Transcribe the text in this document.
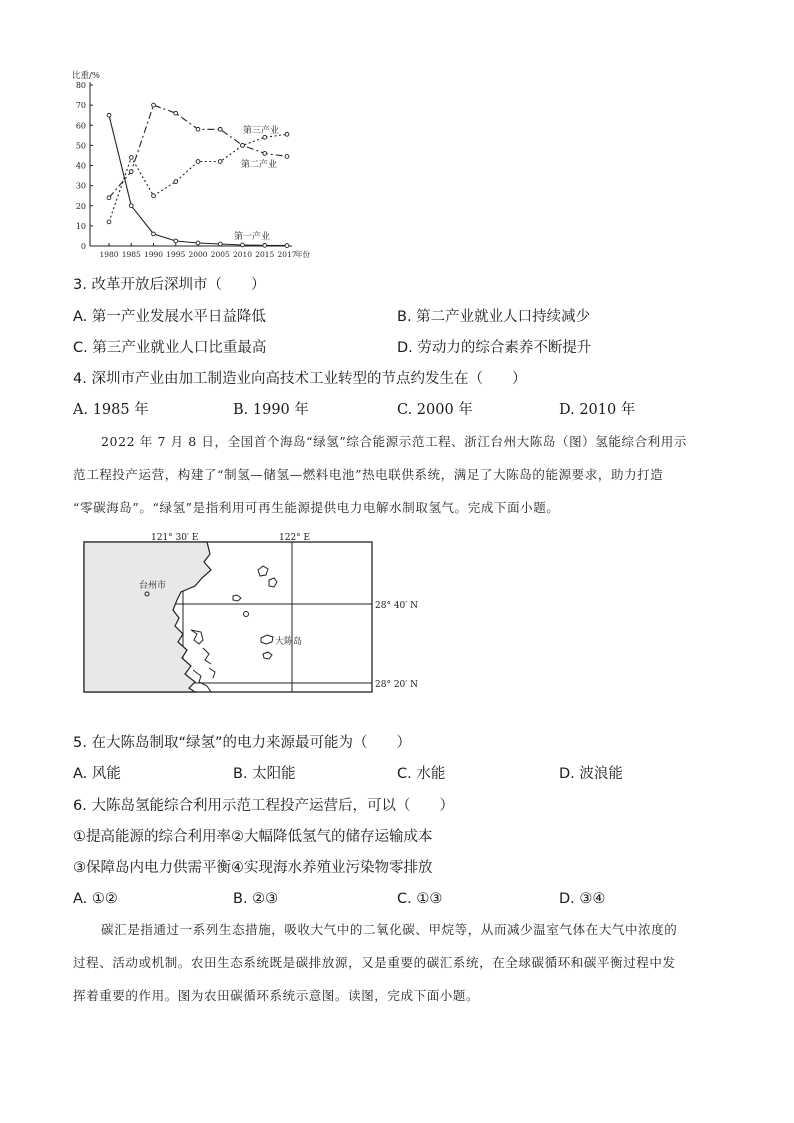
比重/%
0
10
20
30
40
50
60
70
80
1980 1985 1990 1995 2000 2005 2010 2015 2017
年份
第三产业
第二产业
第一产业
3. 改革开放后深圳市（　　）
A. 第一产业发展水平日益降低	B. 第二产业就业人口持续减少
C. 第三产业就业人口比重最高	D. 劳动力的综合素养不断提升
4. 深圳市产业由加工制造业向高技术工业转型的节点约发生在（　　）
A. 1985 年	B. 1990 年	C. 2000 年	D. 2010 年

2022 年 7 月 8 日，全国首个海岛“绿氢”综合能源示范工程、浙江台州大陈岛（图）氢能综合利用示

范工程投产运营，构建了“制氢—储氢—燃料电池”热电联供系统，满足了大陈岛的能源要求，助力打造

“零碳海岛”。“绿氢”是指利用可再生能源提供电力电解水制取氢气。完成下面小题。

121° 30′ E	122° E
28° 40′ N
28° 20′ N
台州市
大陈岛
5. 在大陈岛制取“绿氢”的电力来源最可能为（　　）
A. 风能	B. 太阳能	C. 水能	D. 波浪能
6. 大陈岛氢能综合利用示范工程投产运营后，可以（　　）
①提高能源的综合利用率②大幅降低氢气的储存运输成本
③保障岛内电力供需平衡④实现海水养殖业污染物零排放
A. ①②	B. ②③	C. ①③	D. ③④

碳汇是指通过一系列生态措施，吸收大气中的二氧化碳、甲烷等，从而减少温室气体在大气中浓度的

过程、活动或机制。农田生态系统既是碳排放源，又是重要的碳汇系统，在全球碳循环和碳平衡过程中发

挥着重要的作用。图为农田碳循环系统示意图。读图，完成下面小题。
